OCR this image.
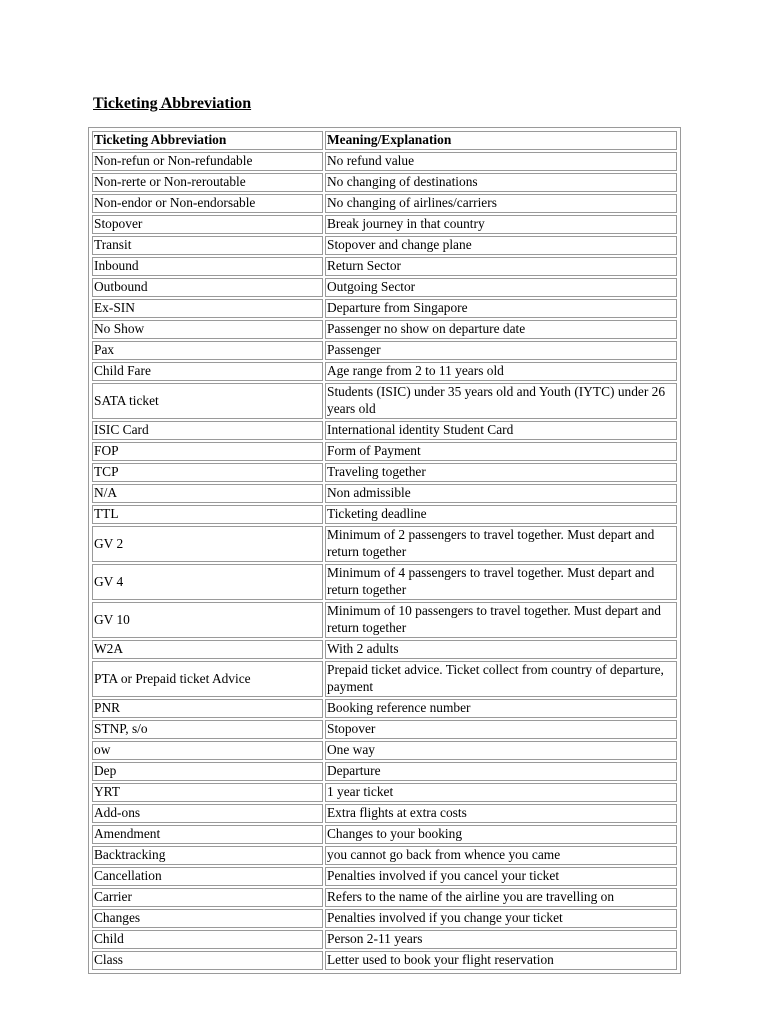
Ticketing Abbreviation
Ticketing Abbreviation	Meaning/Explanation
Non-refun or Non-refundable	No refund value
Non-rerte or Non-reroutable	No changing of destinations
Non-endor or Non-endorsable	No changing of airlines/carriers
Stopover	Break journey in that country
Transit	Stopover and change plane
Inbound	Return Sector
Outbound	Outgoing Sector
Ex-SIN	Departure from Singapore
No Show	Passenger no show on departure date
Pax	Passenger
Child Fare	Age range from 2 to 11 years old
SATA ticket	Students (ISIC) under 35 years old and Youth (IYTC) under 26 years old
ISIC Card	International identity Student Card
FOP	Form of Payment
TCP	Traveling together
N/A	Non admissible
TTL	Ticketing deadline
GV 2	Minimum of 2 passengers to travel together. Must depart and return together
GV 4	Minimum of 4 passengers to travel together. Must depart and return together
GV 10	Minimum of 10 passengers to travel together. Must depart and return together
W2A	With 2 adults
PTA or Prepaid ticket Advice	Prepaid ticket advice. Ticket collect from country of departure, payment
PNR	Booking reference number
STNP, s/o	Stopover
ow	One way
Dep	Departure
YRT	1 year ticket
Add-ons	Extra flights at extra costs
Amendment	Changes to your booking
Backtracking	you cannot go back from whence you came
Cancellation	Penalties involved if you cancel your ticket
Carrier	Refers to the name of the airline you are travelling on
Changes	Penalties involved if you change your ticket
Child	Person 2-11 years
Class	Letter used to book your flight reservation
